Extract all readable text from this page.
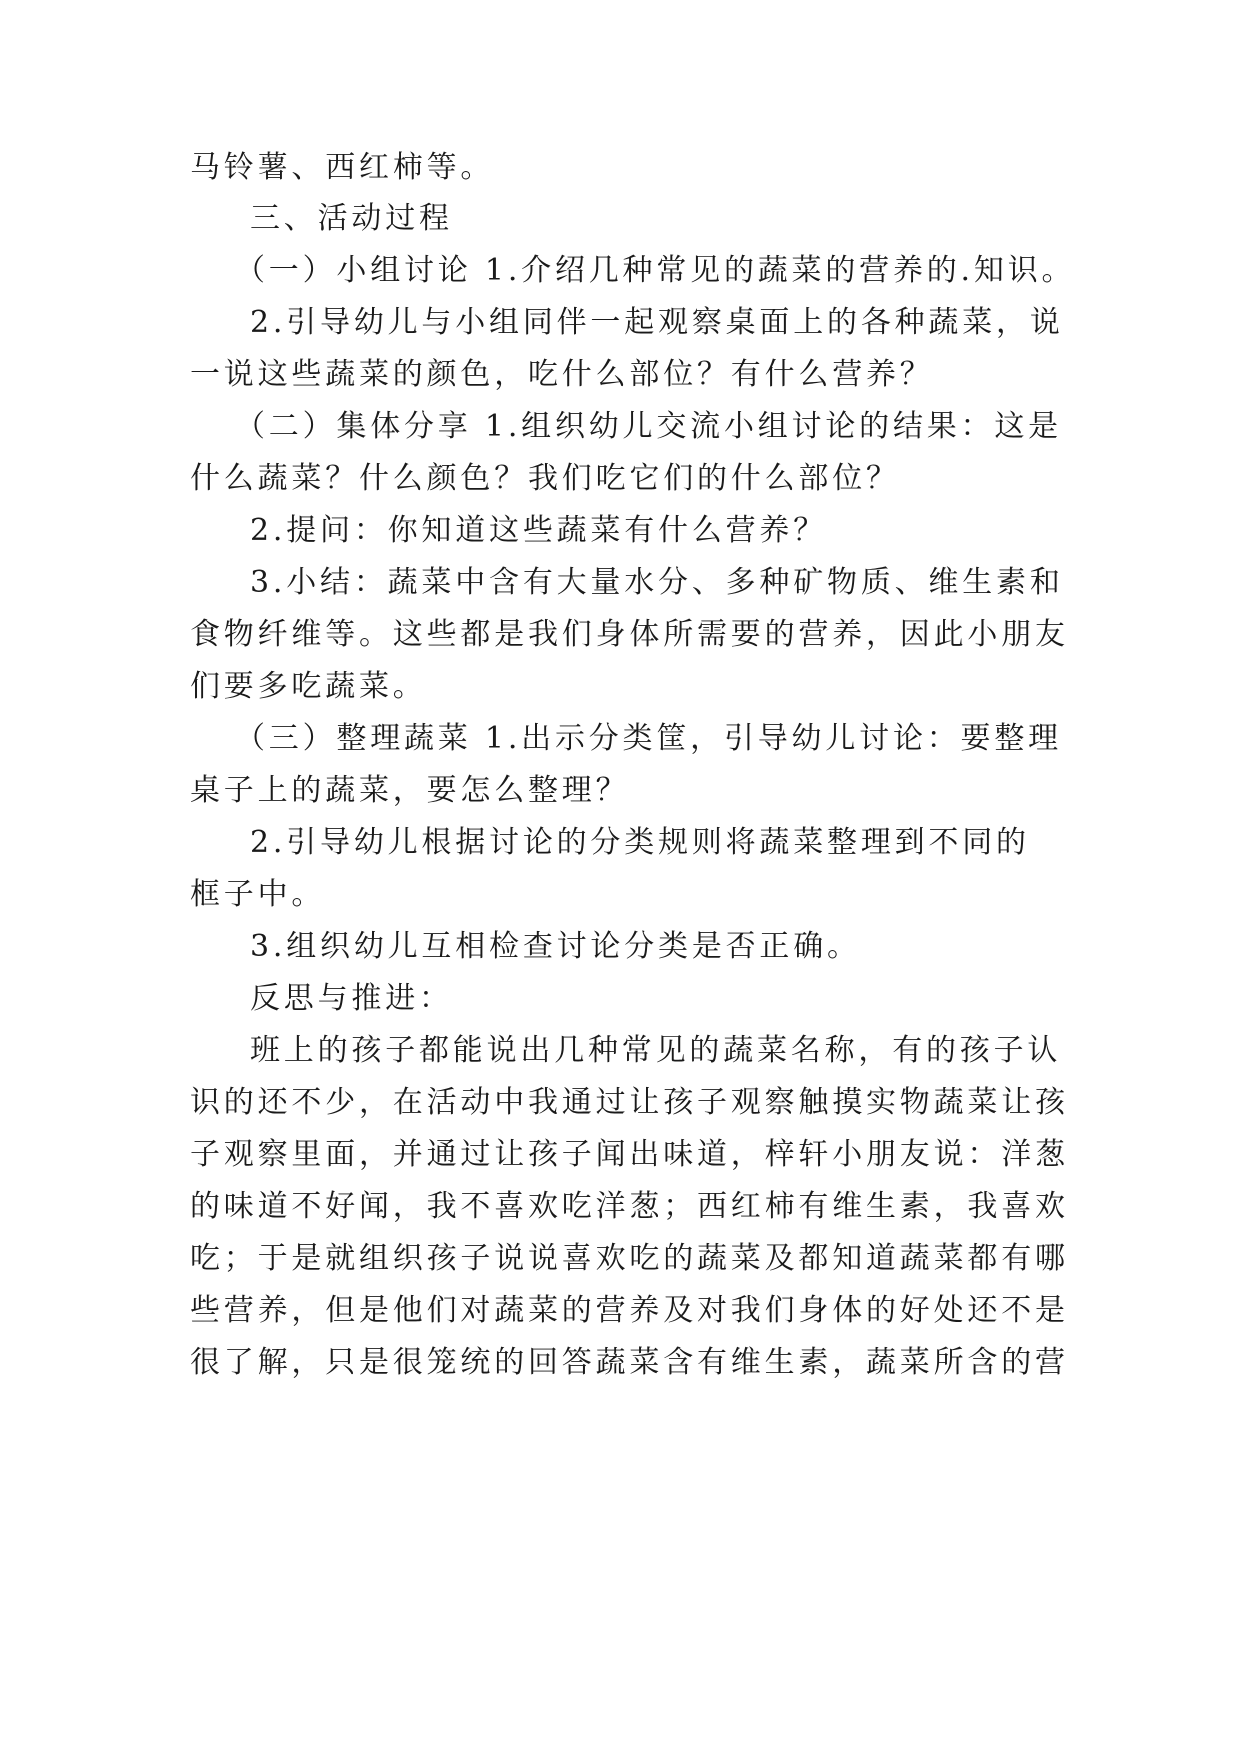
马铃薯、西红柿等。
三、活动过程
（一）小组讨论 1.介绍几种常见的蔬菜的营养的.知识。
2.引导幼儿与小组同伴一起观察桌面上的各种蔬菜，说
一说这些蔬菜的颜色，吃什么部位？有什么营养？
（二）集体分享 1.组织幼儿交流小组讨论的结果：这是
什么蔬菜？什么颜色？我们吃它们的什么部位？
2.提问：你知道这些蔬菜有什么营养？
3.小结：蔬菜中含有大量水分、多种矿物质、维生素和
食物纤维等。这些都是我们身体所需要的营养，因此小朋友
们要多吃蔬菜。
（三）整理蔬菜 1.出示分类筐，引导幼儿讨论：要整理
桌子上的蔬菜，要怎么整理？
2.引导幼儿根据讨论的分类规则将蔬菜整理到不同的
框子中。
3.组织幼儿互相检查讨论分类是否正确。
反思与推进：
班上的孩子都能说出几种常见的蔬菜名称，有的孩子认
识的还不少，在活动中我通过让孩子观察触摸实物蔬菜让孩
子观察里面，并通过让孩子闻出味道，梓轩小朋友说：洋葱
的味道不好闻，我不喜欢吃洋葱；西红柿有维生素，我喜欢
吃；于是就组织孩子说说喜欢吃的蔬菜及都知道蔬菜都有哪
些营养，但是他们对蔬菜的营养及对我们身体的好处还不是
很了解，只是很笼统的回答蔬菜含有维生素，蔬菜所含的营
